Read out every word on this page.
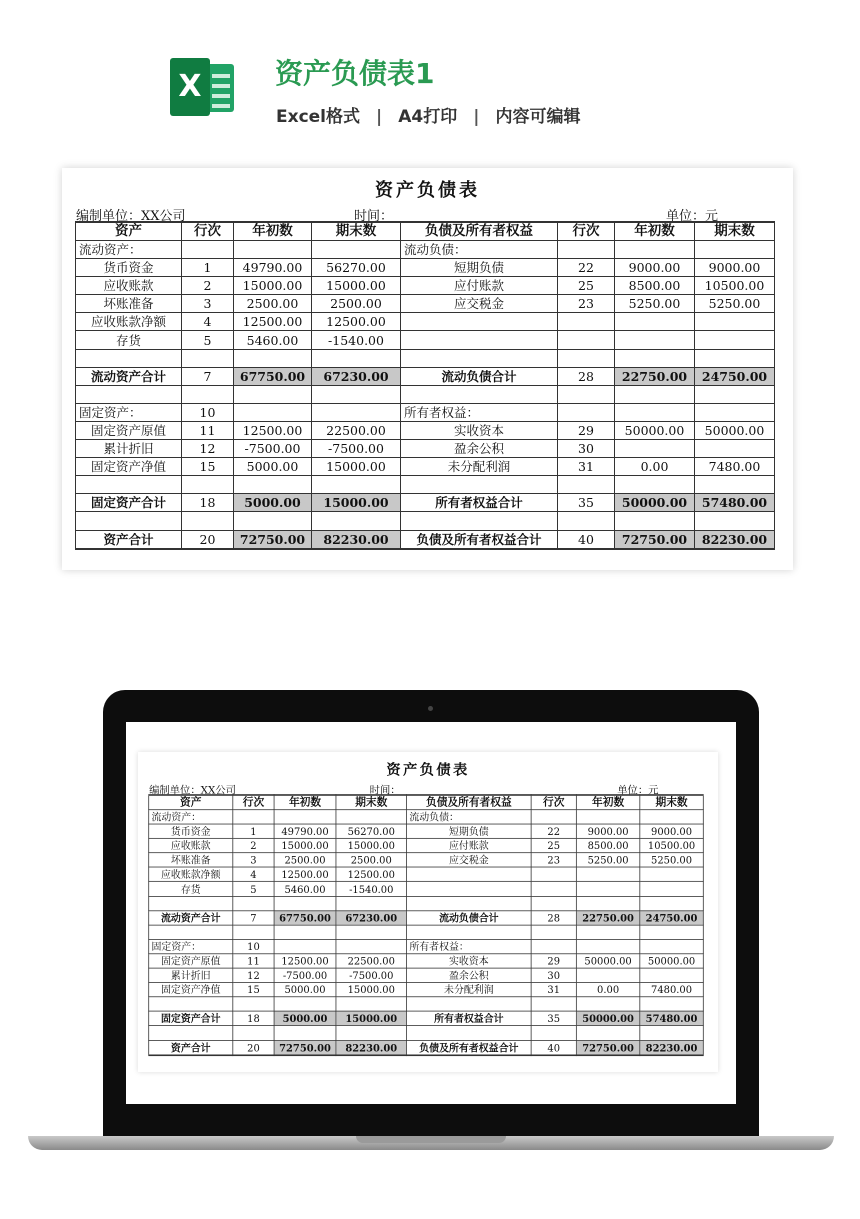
X	资产负债表1
Excel格式 | A4打印 | 内容可编辑
资产负债表
编制单位：XX公司	时间：	单位：元
资产	行次	年初数	期末数	负债及所有者权益	行次	年初数	期末数
流动资产：				流动负债：			
货币资金	1	49790.00	56270.00	短期负债	22	9000.00	9000.00
应收账款	2	15000.00	15000.00	应付账款	25	8500.00	10500.00
坏账准备	3	2500.00	2500.00	应交税金	23	5250.00	5250.00
应收账款净额	4	12500.00	12500.00				
存货	5	5460.00	-1540.00				

流动资产合计	7	67750.00	67230.00	流动负债合计	28	22750.00	24750.00

固定资产：	10			所有者权益：			
固定资产原值	11	12500.00	22500.00	实收资本	29	50000.00	50000.00
累计折旧	12	-7500.00	-7500.00	盈余公积	30		
固定资产净值	15	5000.00	15000.00	未分配利润	31	0.00	7480.00

固定资产合计	18	5000.00	15000.00	所有者权益合计	35	50000.00	57480.00

资产合计	20	72750.00	82230.00	负债及所有者权益合计	40	72750.00	82230.00
资产负债表
编制单位：XX公司	时间：	单位：元
资产	行次	年初数	期末数	负债及所有者权益	行次	年初数	期末数
流动资产：				流动负债：			
货币资金	1	49790.00	56270.00	短期负债	22	9000.00	9000.00
应收账款	2	15000.00	15000.00	应付账款	25	8500.00	10500.00
坏账准备	3	2500.00	2500.00	应交税金	23	5250.00	5250.00
应收账款净额	4	12500.00	12500.00				
存货	5	5460.00	-1540.00				

流动资产合计	7	67750.00	67230.00	流动负债合计	28	22750.00	24750.00

固定资产：	10			所有者权益：			
固定资产原值	11	12500.00	22500.00	实收资本	29	50000.00	50000.00
累计折旧	12	-7500.00	-7500.00	盈余公积	30		
固定资产净值	15	5000.00	15000.00	未分配利润	31	0.00	7480.00

固定资产合计	18	5000.00	15000.00	所有者权益合计	35	50000.00	57480.00

资产合计	20	72750.00	82230.00	负债及所有者权益合计	40	72750.00	82230.00
